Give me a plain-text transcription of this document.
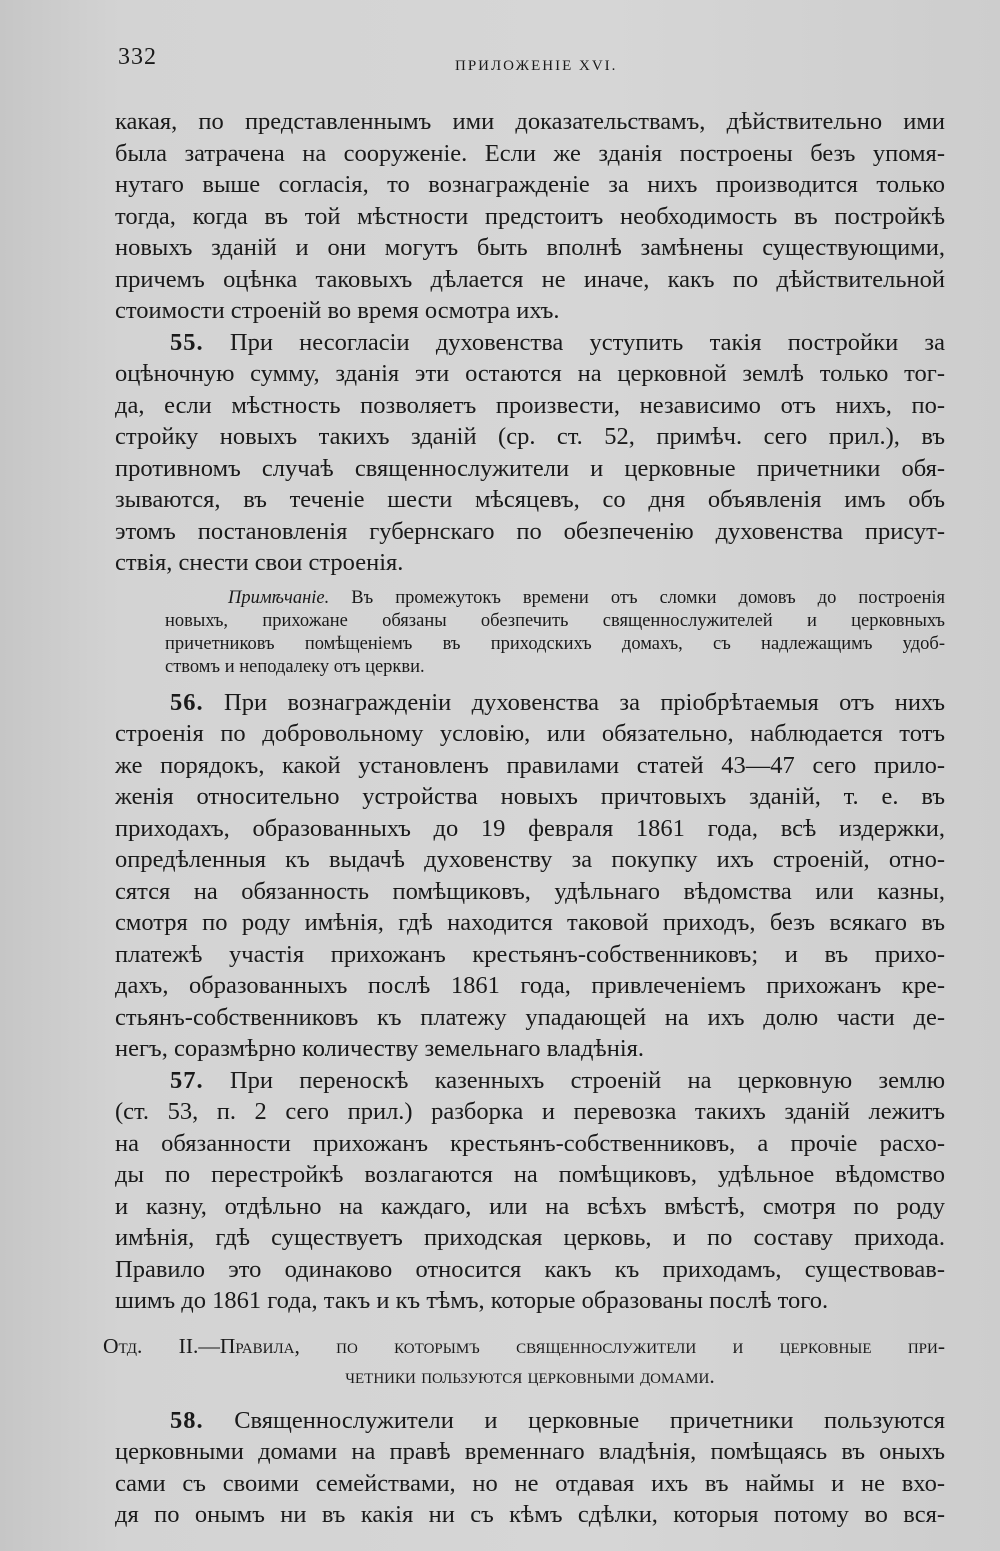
332	ПРИЛОЖЕНІЕ XVI.
какая, по представленнымъ ими доказательствамъ, дѣйствительно ими
была затрачена на сооруженіе. Если же зданія построены безъ упомя-
нутаго выше согласія, то вознагражденіе за нихъ производится только
тогда, когда въ той мѣстности предстоитъ необходимость въ постройкѣ
новыхъ зданій и они могутъ быть вполнѣ замѣнены существующими,
причемъ оцѣнка таковыхъ дѣлается не иначе, какъ по дѣйствительной
стоимости строеній во время осмотра ихъ.
55. При несогласіи духовенства уступить такія постройки за
оцѣночную сумму, зданія эти остаются на церковной землѣ только тог-
да, если мѣстность позволяетъ произвести, независимо отъ нихъ, по-
стройку новыхъ такихъ зданій (ср. ст. 52, примѣч. сего прил.), въ
противномъ случаѣ священнослужители и церковные причетники обя-
зываются, въ теченіе шести мѣсяцевъ, со дня объявленія имъ объ
этомъ постановленія губернскаго по обезпеченію духовенства присут-
ствія, снести свои строенія.
Примѣчаніе. Въ промежутокъ времени отъ сломки домовъ до построенія
новыхъ, прихожане обязаны обезпечить священнослужителей и церковныхъ
причетниковъ помѣщеніемъ въ приходскихъ домахъ, съ надлежащимъ удоб-
ствомъ и неподалеку отъ церкви.
56. При вознагражденіи духовенства за пріобрѣтаемыя отъ нихъ
строенія по добровольному условію, или обязательно, наблюдается тотъ
же порядокъ, какой установленъ правилами статей 43—47 сего прило-
женія относительно устройства новыхъ причтовыхъ зданій, т. е. въ
приходахъ, образованныхъ до 19 февраля 1861 года, всѣ издержки,
опредѣленныя къ выдачѣ духовенству за покупку ихъ строеній, отно-
сятся на обязанность помѣщиковъ, удѣльнаго вѣдомства или казны,
смотря по роду имѣнія, гдѣ находится таковой приходъ, безъ всякаго въ
платежѣ участія прихожанъ крестьянъ-собственниковъ; и въ прихо-
дахъ, образованныхъ послѣ 1861 года, привлеченіемъ прихожанъ кре-
стьянъ-собственниковъ къ платежу упадающей на ихъ долю части де-
негъ, соразмѣрно количеству земельнаго владѣнія.
57. При переноскѣ казенныхъ строеній на церковную землю
(ст. 53, п. 2 сего прил.) разборка и перевозка такихъ зданій лежитъ
на обязанности прихожанъ крестьянъ-собственниковъ, а прочіе расхо-
ды по перестройкѣ возлагаются на помѣщиковъ, удѣльное вѣдомство
и казну, отдѣльно на каждаго, или на всѣхъ вмѣстѣ, смотря по роду
имѣнія, гдѣ существуетъ приходская церковь, и по составу прихода.
Правило это одинаково относится какъ къ приходамъ, существовав-
шимъ до 1861 года, такъ и къ тѣмъ, которые образованы послѣ того.
Отд. II.—Правила, по которымъ священнослужители и церковные при-
четники пользуются церковными домами.
58. Священнослужители и церковные причетники пользуются
церковными домами на правѣ временнаго владѣнія, помѣщаясь въ оныхъ
сами съ своими семействами, но не отдавая ихъ въ наймы и не вхо-
дя по онымъ ни въ какія ни съ кѣмъ сдѣлки, которыя потому во вся-
